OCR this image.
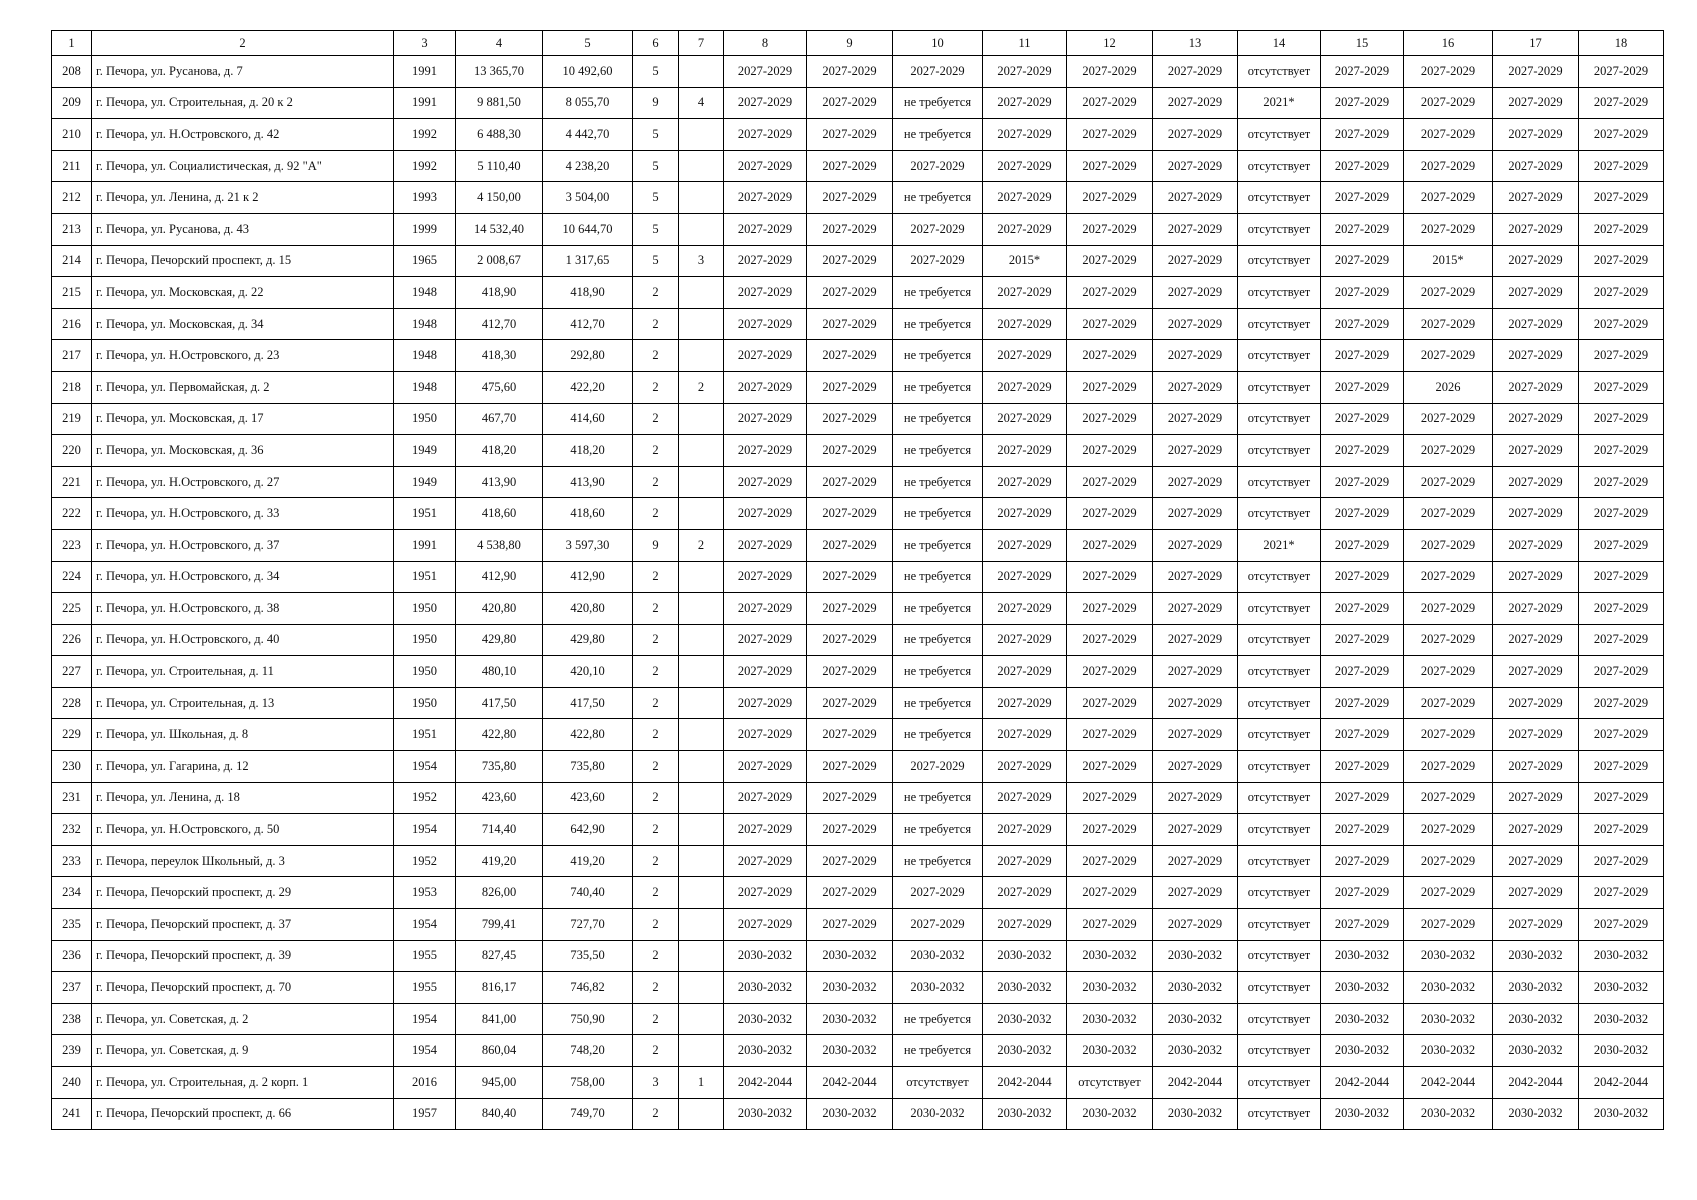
1	2	3	4	5	6	7	8	9	10	11	12	13	14	15	16	17	18
208	г. Печора, ул. Русанова, д. 7	1991	13 365,70	10 492,60	5		2027-2029	2027-2029	2027-2029	2027-2029	2027-2029	2027-2029	отсутствует	2027-2029	2027-2029	2027-2029	2027-2029
209	г. Печора, ул. Строительная, д. 20 к 2	1991	9 881,50	8 055,70	9	4	2027-2029	2027-2029	не требуется	2027-2029	2027-2029	2027-2029	2021*	2027-2029	2027-2029	2027-2029	2027-2029
210	г. Печора, ул. Н.Островского, д. 42	1992	6 488,30	4 442,70	5		2027-2029	2027-2029	не требуется	2027-2029	2027-2029	2027-2029	отсутствует	2027-2029	2027-2029	2027-2029	2027-2029
211	г. Печора, ул. Социалистическая, д. 92 "А"	1992	5 110,40	4 238,20	5		2027-2029	2027-2029	2027-2029	2027-2029	2027-2029	2027-2029	отсутствует	2027-2029	2027-2029	2027-2029	2027-2029
212	г. Печора, ул. Ленина, д. 21 к 2	1993	4 150,00	3 504,00	5		2027-2029	2027-2029	не требуется	2027-2029	2027-2029	2027-2029	отсутствует	2027-2029	2027-2029	2027-2029	2027-2029
213	г. Печора, ул. Русанова, д. 43	1999	14 532,40	10 644,70	5		2027-2029	2027-2029	2027-2029	2027-2029	2027-2029	2027-2029	отсутствует	2027-2029	2027-2029	2027-2029	2027-2029
214	г. Печора, Печорский проспект, д. 15	1965	2 008,67	1 317,65	5	3	2027-2029	2027-2029	2027-2029	2015*	2027-2029	2027-2029	отсутствует	2027-2029	2015*	2027-2029	2027-2029
215	г. Печора, ул. Московская, д. 22	1948	418,90	418,90	2		2027-2029	2027-2029	не требуется	2027-2029	2027-2029	2027-2029	отсутствует	2027-2029	2027-2029	2027-2029	2027-2029
216	г. Печора, ул. Московская, д. 34	1948	412,70	412,70	2		2027-2029	2027-2029	не требуется	2027-2029	2027-2029	2027-2029	отсутствует	2027-2029	2027-2029	2027-2029	2027-2029
217	г. Печора, ул. Н.Островского, д. 23	1948	418,30	292,80	2		2027-2029	2027-2029	не требуется	2027-2029	2027-2029	2027-2029	отсутствует	2027-2029	2027-2029	2027-2029	2027-2029
218	г. Печора, ул. Первомайская, д. 2	1948	475,60	422,20	2	2	2027-2029	2027-2029	не требуется	2027-2029	2027-2029	2027-2029	отсутствует	2027-2029	2026	2027-2029	2027-2029
219	г. Печора, ул. Московская, д. 17	1950	467,70	414,60	2		2027-2029	2027-2029	не требуется	2027-2029	2027-2029	2027-2029	отсутствует	2027-2029	2027-2029	2027-2029	2027-2029
220	г. Печора, ул. Московская, д. 36	1949	418,20	418,20	2		2027-2029	2027-2029	не требуется	2027-2029	2027-2029	2027-2029	отсутствует	2027-2029	2027-2029	2027-2029	2027-2029
221	г. Печора, ул. Н.Островского, д. 27	1949	413,90	413,90	2		2027-2029	2027-2029	не требуется	2027-2029	2027-2029	2027-2029	отсутствует	2027-2029	2027-2029	2027-2029	2027-2029
222	г. Печора, ул. Н.Островского, д. 33	1951	418,60	418,60	2		2027-2029	2027-2029	не требуется	2027-2029	2027-2029	2027-2029	отсутствует	2027-2029	2027-2029	2027-2029	2027-2029
223	г. Печора, ул. Н.Островского, д. 37	1991	4 538,80	3 597,30	9	2	2027-2029	2027-2029	не требуется	2027-2029	2027-2029	2027-2029	2021*	2027-2029	2027-2029	2027-2029	2027-2029
224	г. Печора, ул. Н.Островского, д. 34	1951	412,90	412,90	2		2027-2029	2027-2029	не требуется	2027-2029	2027-2029	2027-2029	отсутствует	2027-2029	2027-2029	2027-2029	2027-2029
225	г. Печора, ул. Н.Островского, д. 38	1950	420,80	420,80	2		2027-2029	2027-2029	не требуется	2027-2029	2027-2029	2027-2029	отсутствует	2027-2029	2027-2029	2027-2029	2027-2029
226	г. Печора, ул. Н.Островского, д. 40	1950	429,80	429,80	2		2027-2029	2027-2029	не требуется	2027-2029	2027-2029	2027-2029	отсутствует	2027-2029	2027-2029	2027-2029	2027-2029
227	г. Печора, ул. Строительная, д. 11	1950	480,10	420,10	2		2027-2029	2027-2029	не требуется	2027-2029	2027-2029	2027-2029	отсутствует	2027-2029	2027-2029	2027-2029	2027-2029
228	г. Печора, ул. Строительная, д. 13	1950	417,50	417,50	2		2027-2029	2027-2029	не требуется	2027-2029	2027-2029	2027-2029	отсутствует	2027-2029	2027-2029	2027-2029	2027-2029
229	г. Печора, ул. Школьная, д. 8	1951	422,80	422,80	2		2027-2029	2027-2029	не требуется	2027-2029	2027-2029	2027-2029	отсутствует	2027-2029	2027-2029	2027-2029	2027-2029
230	г. Печора, ул. Гагарина, д. 12	1954	735,80	735,80	2		2027-2029	2027-2029	2027-2029	2027-2029	2027-2029	2027-2029	отсутствует	2027-2029	2027-2029	2027-2029	2027-2029
231	г. Печора, ул. Ленина, д. 18	1952	423,60	423,60	2		2027-2029	2027-2029	не требуется	2027-2029	2027-2029	2027-2029	отсутствует	2027-2029	2027-2029	2027-2029	2027-2029
232	г. Печора, ул. Н.Островского, д. 50	1954	714,40	642,90	2		2027-2029	2027-2029	не требуется	2027-2029	2027-2029	2027-2029	отсутствует	2027-2029	2027-2029	2027-2029	2027-2029
233	г. Печора, переулок Школьный, д. 3	1952	419,20	419,20	2		2027-2029	2027-2029	не требуется	2027-2029	2027-2029	2027-2029	отсутствует	2027-2029	2027-2029	2027-2029	2027-2029
234	г. Печора, Печорский проспект, д. 29	1953	826,00	740,40	2		2027-2029	2027-2029	2027-2029	2027-2029	2027-2029	2027-2029	отсутствует	2027-2029	2027-2029	2027-2029	2027-2029
235	г. Печора, Печорский проспект, д. 37	1954	799,41	727,70	2		2027-2029	2027-2029	2027-2029	2027-2029	2027-2029	2027-2029	отсутствует	2027-2029	2027-2029	2027-2029	2027-2029
236	г. Печора, Печорский проспект, д. 39	1955	827,45	735,50	2		2030-2032	2030-2032	2030-2032	2030-2032	2030-2032	2030-2032	отсутствует	2030-2032	2030-2032	2030-2032	2030-2032
237	г. Печора, Печорский проспект, д. 70	1955	816,17	746,82	2		2030-2032	2030-2032	2030-2032	2030-2032	2030-2032	2030-2032	отсутствует	2030-2032	2030-2032	2030-2032	2030-2032
238	г. Печора, ул. Советская, д. 2	1954	841,00	750,90	2		2030-2032	2030-2032	не требуется	2030-2032	2030-2032	2030-2032	отсутствует	2030-2032	2030-2032	2030-2032	2030-2032
239	г. Печора, ул. Советская, д. 9	1954	860,04	748,20	2		2030-2032	2030-2032	не требуется	2030-2032	2030-2032	2030-2032	отсутствует	2030-2032	2030-2032	2030-2032	2030-2032
240	г. Печора, ул. Строительная, д. 2 корп. 1	2016	945,00	758,00	3	1	2042-2044	2042-2044	отсутствует	2042-2044	отсутствует	2042-2044	отсутствует	2042-2044	2042-2044	2042-2044	2042-2044
241	г. Печора, Печорский проспект, д. 66	1957	840,40	749,70	2		2030-2032	2030-2032	2030-2032	2030-2032	2030-2032	2030-2032	отсутствует	2030-2032	2030-2032	2030-2032	2030-2032
